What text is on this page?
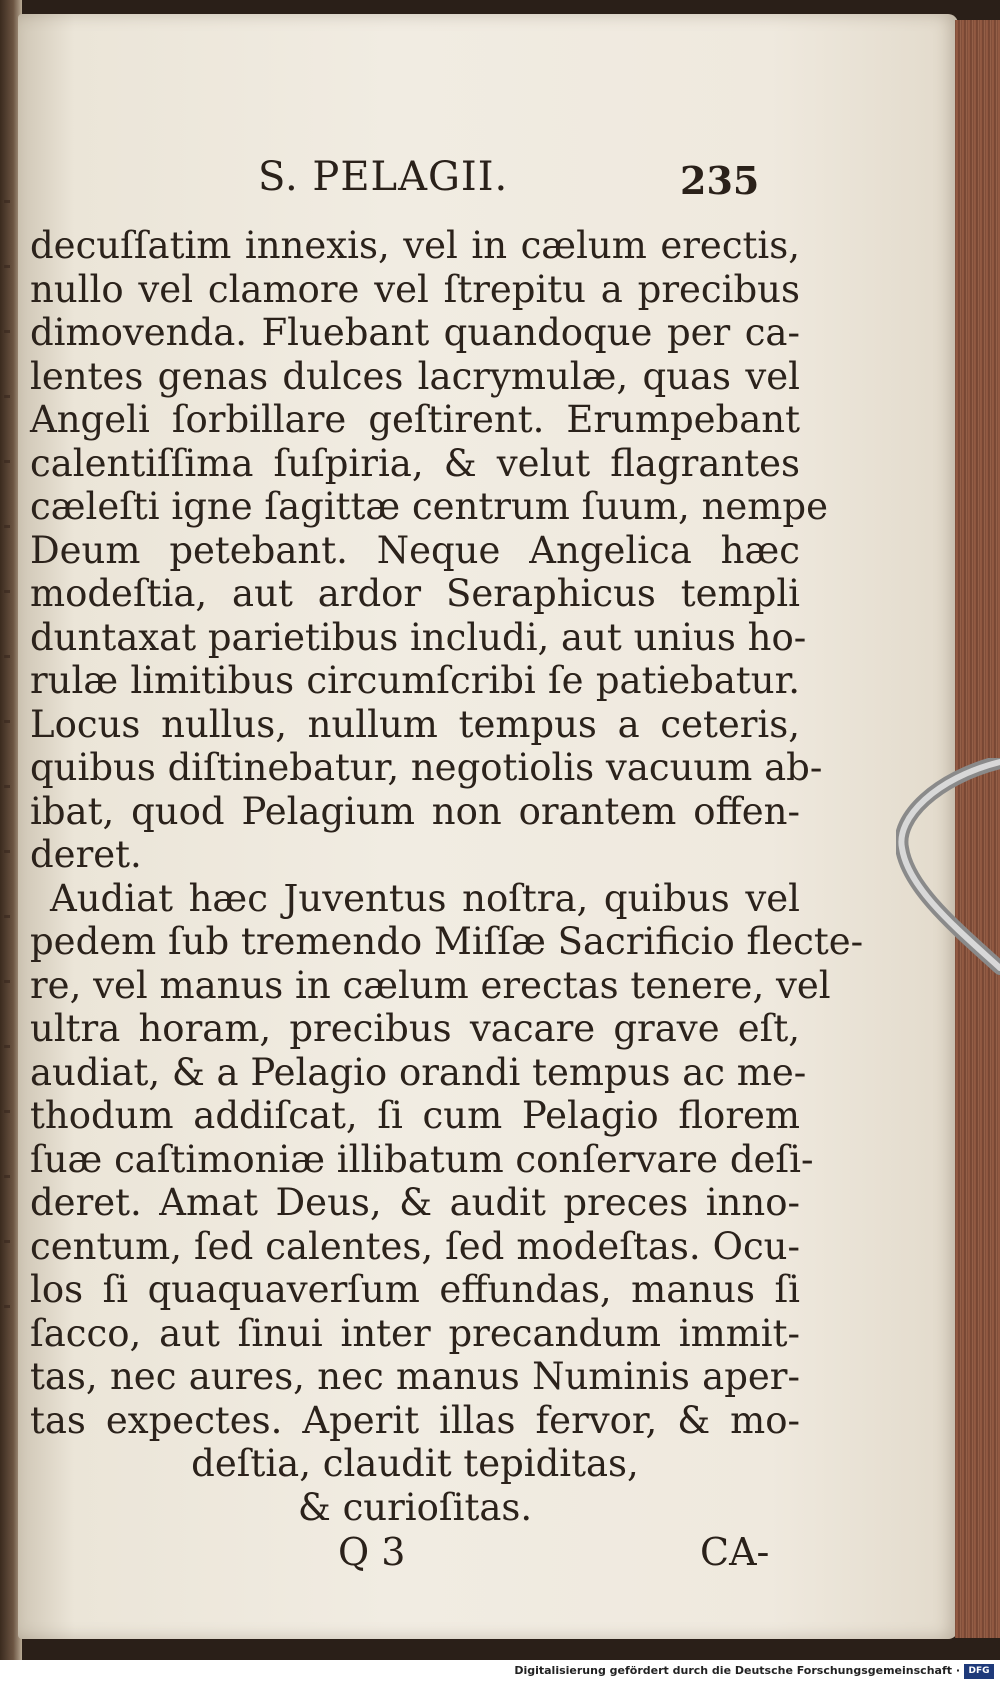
S. PELAGII.	235
decuſſatim innexis, vel in cælum erectis,
nullo vel clamore vel ſtrepitu a precibus
dimovenda. Fluebant quandoque per ca-
lentes genas dulces lacrymulæ, quas vel
Angeli ſorbillare geſtirent. Erumpebant
calentiſſima ſuſpiria, & velut flagrantes
cæleſti igne ſagittæ centrum ſuum, nempe
Deum petebant. Neque Angelica hæc
modeſtia, aut ardor Seraphicus templi
duntaxat parietibus includi, aut unius ho-
rulæ limitibus circumſcribi ſe patiebatur.
Locus nullus, nullum tempus a ceteris,
quibus diſtinebatur, negotiolis vacuum ab-
ibat, quod Pelagium non orantem offen-
deret.
Audiat hæc Juventus noſtra, quibus vel
pedem ſub tremendo Miſſæ Sacrificio flecte-
re, vel manus in cælum erectas tenere, vel
ultra horam, precibus vacare grave eſt,
audiat, & a Pelagio orandi tempus ac me-
thodum addiſcat, ſi cum Pelagio florem
ſuæ caſtimoniæ illibatum conſervare deſi-
deret. Amat Deus, & audit preces inno-
centum, ſed calentes, ſed modeſtas. Ocu-
los ſi quaquaverſum effundas, manus ſi
ſacco, aut ſinui inter precandum immit-
tas, nec aures, nec manus Numinis aper-
tas expectes. Aperit illas fervor, & mo-
deſtia, claudit tepiditas,
& curioſitas.
Q 3	CA-
Digitalisierung gefördert durch die Deutsche Forschungsgemeinschaft · DFG
